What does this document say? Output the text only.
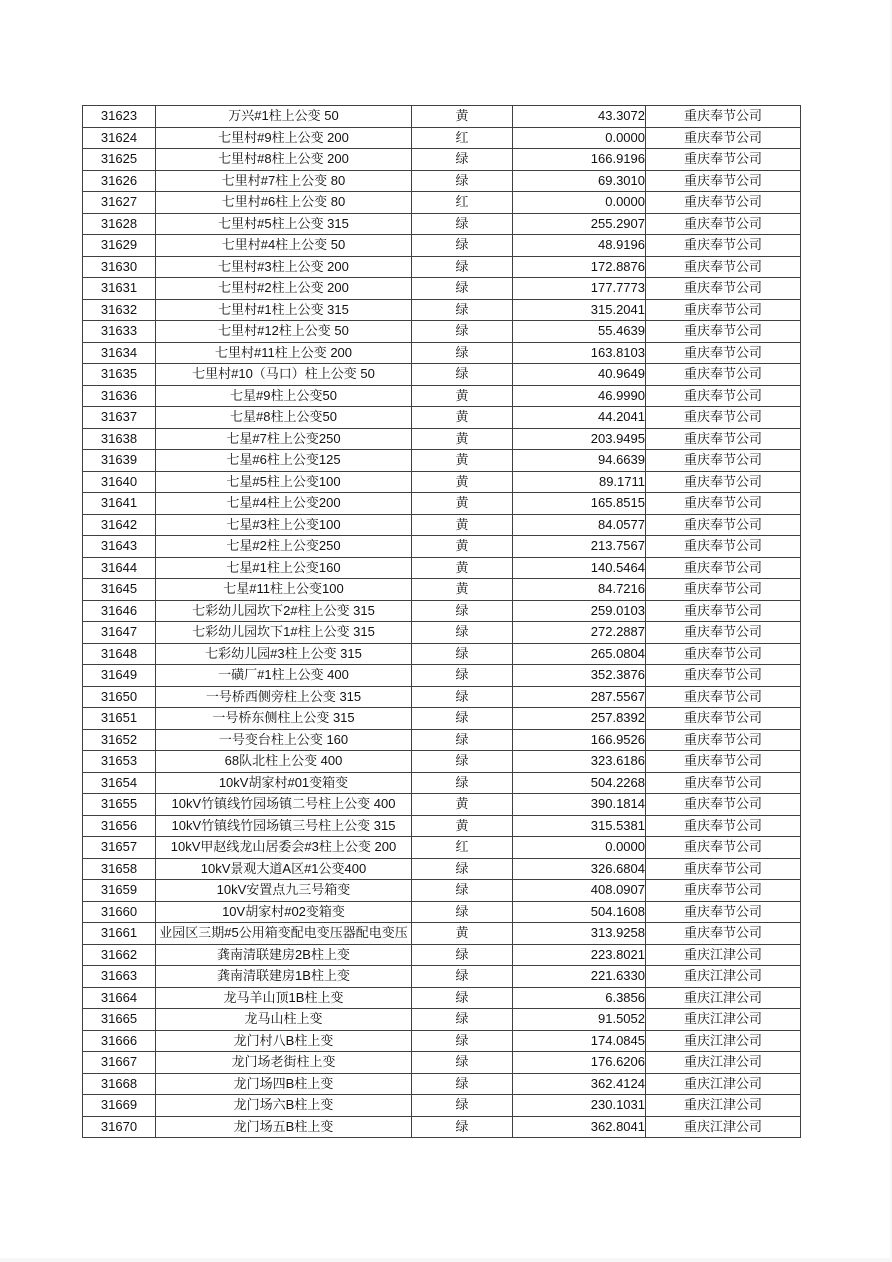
31623	万兴#1柱上公变 50	黄	43.3072	重庆奉节公司
31624	七里村#9柱上公变 200	红	0.0000	重庆奉节公司
31625	七里村#8柱上公变 200	绿	166.9196	重庆奉节公司
31626	七里村#7柱上公变 80	绿	69.3010	重庆奉节公司
31627	七里村#6柱上公变 80	红	0.0000	重庆奉节公司
31628	七里村#5柱上公变 315	绿	255.2907	重庆奉节公司
31629	七里村#4柱上公变 50	绿	48.9196	重庆奉节公司
31630	七里村#3柱上公变 200	绿	172.8876	重庆奉节公司
31631	七里村#2柱上公变 200	绿	177.7773	重庆奉节公司
31632	七里村#1柱上公变 315	绿	315.2041	重庆奉节公司
31633	七里村#12柱上公变 50	绿	55.4639	重庆奉节公司
31634	七里村#11柱上公变 200	绿	163.8103	重庆奉节公司
31635	七里村#10（马口）柱上公变 50	绿	40.9649	重庆奉节公司
31636	七星#9柱上公变50	黄	46.9990	重庆奉节公司
31637	七星#8柱上公变50	黄	44.2041	重庆奉节公司
31638	七星#7柱上公变250	黄	203.9495	重庆奉节公司
31639	七星#6柱上公变125	黄	94.6639	重庆奉节公司
31640	七星#5柱上公变100	黄	89.1711	重庆奉节公司
31641	七星#4柱上公变200	黄	165.8515	重庆奉节公司
31642	七星#3柱上公变100	黄	84.0577	重庆奉节公司
31643	七星#2柱上公变250	黄	213.7567	重庆奉节公司
31644	七星#1柱上公变160	黄	140.5464	重庆奉节公司
31645	七星#11柱上公变100	黄	84.7216	重庆奉节公司
31646	七彩幼儿园坎下2#柱上公变 315	绿	259.0103	重庆奉节公司
31647	七彩幼儿园坎下1#柱上公变 315	绿	272.2887	重庆奉节公司
31648	七彩幼儿园#3柱上公变 315	绿	265.0804	重庆奉节公司
31649	一磺厂#1柱上公变 400	绿	352.3876	重庆奉节公司
31650	一号桥西侧旁柱上公变 315	绿	287.5567	重庆奉节公司
31651	一号桥东侧柱上公变 315	绿	257.8392	重庆奉节公司
31652	一号变台柱上公变 160	绿	166.9526	重庆奉节公司
31653	68队北柱上公变 400	绿	323.6186	重庆奉节公司
31654	10kV胡家村#01变箱变	绿	504.2268	重庆奉节公司
31655	10kV竹镇线竹园场镇二号柱上公变 400	黄	390.1814	重庆奉节公司
31656	10kV竹镇线竹园场镇三号柱上公变 315	黄	315.5381	重庆奉节公司
31657	10kV甲赵线龙山居委会#3柱上公变 200	红	0.0000	重庆奉节公司
31658	10kV景观大道A区#1公变400	绿	326.6804	重庆奉节公司
31659	10kV安置点九三号箱变	绿	408.0907	重庆奉节公司
31660	10V胡家村#02变箱变	绿	504.1608	重庆奉节公司
31661	业园区三期#5公用箱变配电变压器配电变压	黄	313.9258	重庆奉节公司
31662	龚南清联建房2B柱上变	绿	223.8021	重庆江津公司
31663	龚南清联建房1B柱上变	绿	221.6330	重庆江津公司
31664	龙马羊山顶1B柱上变	绿	6.3856	重庆江津公司
31665	龙马山柱上变	绿	91.5052	重庆江津公司
31666	龙门村八B柱上变	绿	174.0845	重庆江津公司
31667	龙门场老街柱上变	绿	176.6206	重庆江津公司
31668	龙门场四B柱上变	绿	362.4124	重庆江津公司
31669	龙门场六B柱上变	绿	230.1031	重庆江津公司
31670	龙门场五B柱上变	绿	362.8041	重庆江津公司
